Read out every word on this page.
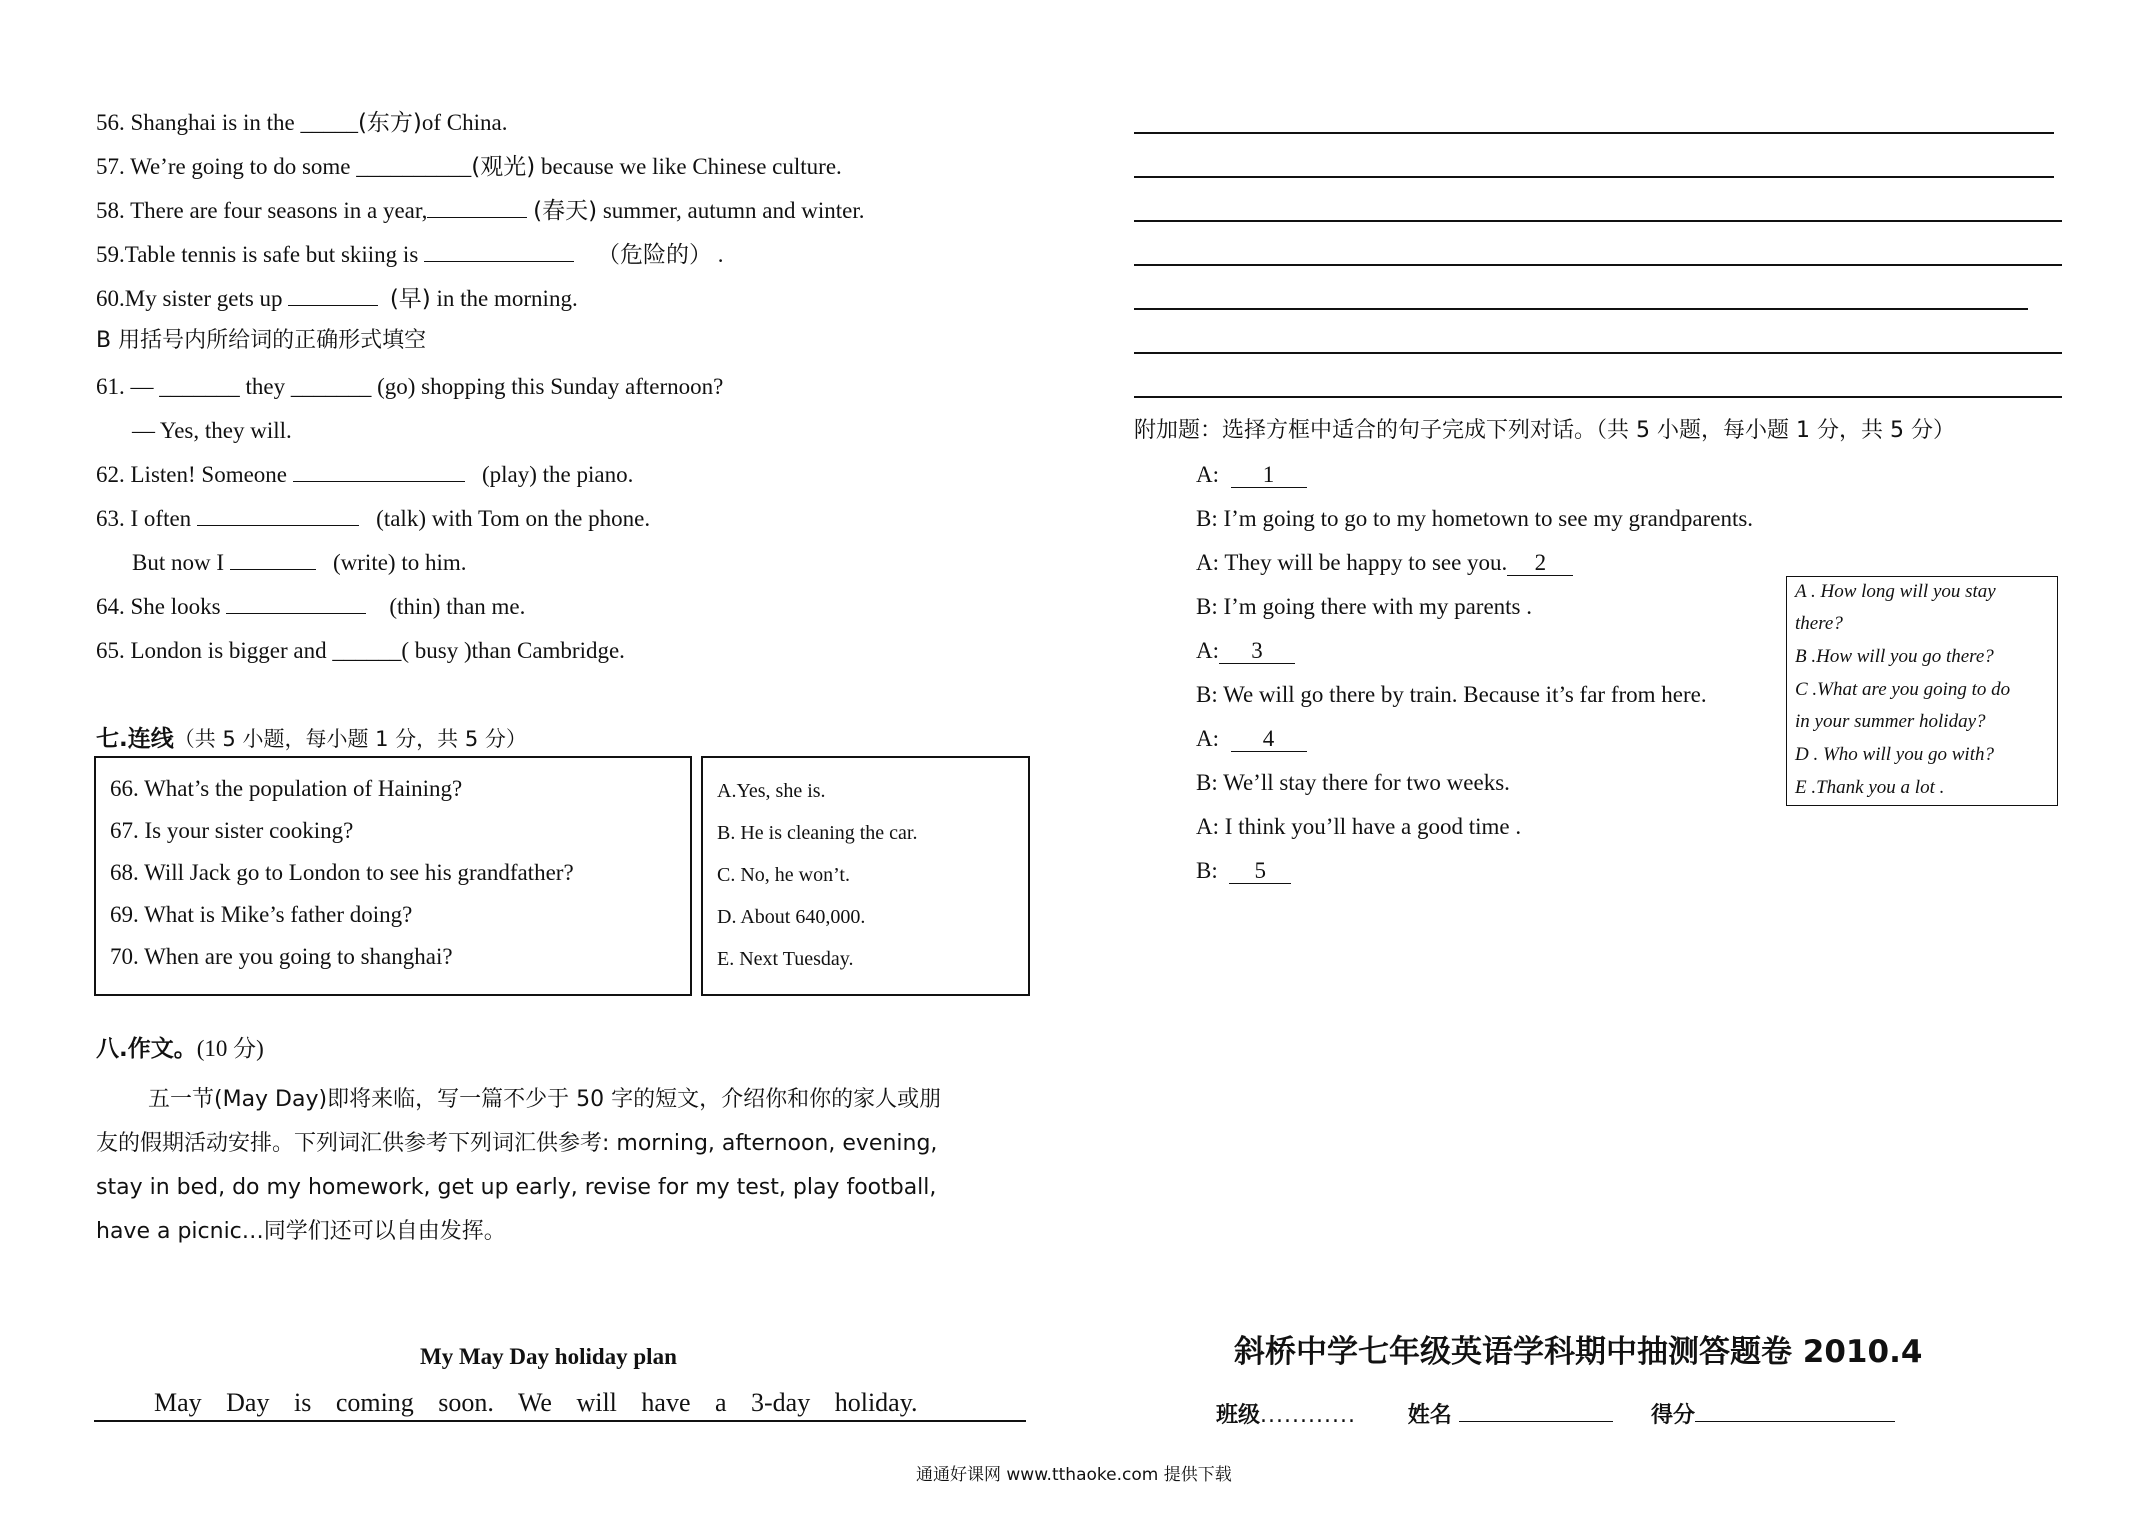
56. Shanghai is in the _____(东方)of China.
57. We’re going to do some __________(观光) because we like Chinese culture.
58. There are four seasons in a year,	(春天) summer, autumn and winter.
59.Table tennis is safe but skiing is	（危险的） .
60.My sister gets up	(早) in the morning.
B 用括号内所给词的正确形式填空
61. — _______ they _______ (go) shopping this Sunday afternoon?
— Yes, they will.
62. Listen! Someone	(play) the piano.
63. I often	(talk) with Tom on the phone.
But now I	(write) to him.
64. She looks	(thin) than me.
65. London is bigger and ______( busy )than Cambridge.
七.连线（共 5 小题，每小题 1 分，共 5 分）
66. What’s the population of Haining?
67. Is your sister cooking?
68. Will Jack go to London to see his grandfather?
69. What is Mike’s father doing?
70. When are you going to shanghai?
A.Yes, she is.
B. He is cleaning the car.
C. No, he won’t.
D. About 640,000.
E. Next Tuesday.
八.作文。(10 分)
五一节(May Day)即将来临，写一篇不少于 50 字的短文，介绍你和你的家人或朋
友的假期活动安排。下列词汇供参考下列词汇供参考: morning, afternoon, evening,
stay in bed, do my homework, get up early, revise for my test, play football,
have a picnic…同学们还可以自由发挥。
My May Day holiday plan
May Day is coming soon. We will have a 3-day holiday.
附加题：选择方框中适合的句子完成下列对话。（共 5 小题，每小题 1 分，共 5 分）
A: 1
B: I’m going to go to my hometown to see my grandparents.
A: They will be happy to see you. 2
B: I’m going there with my parents .
A: 3
B: We will go there by train. Because it’s far from here.
A: 4
B: We’ll stay there for two weeks.
A: I think you’ll have a good time .
B: 5
A . How long will you stay
there?
B .How will you go there?
C .What are you going to do
in your summer holiday?
D . Who will you go with?
E .Thank you a lot .
斜桥中学七年级英语学科期中抽测答题卷 2010.4
班级............ 姓名	得分
通通好课网 www.tthaoke.com 提供下载
